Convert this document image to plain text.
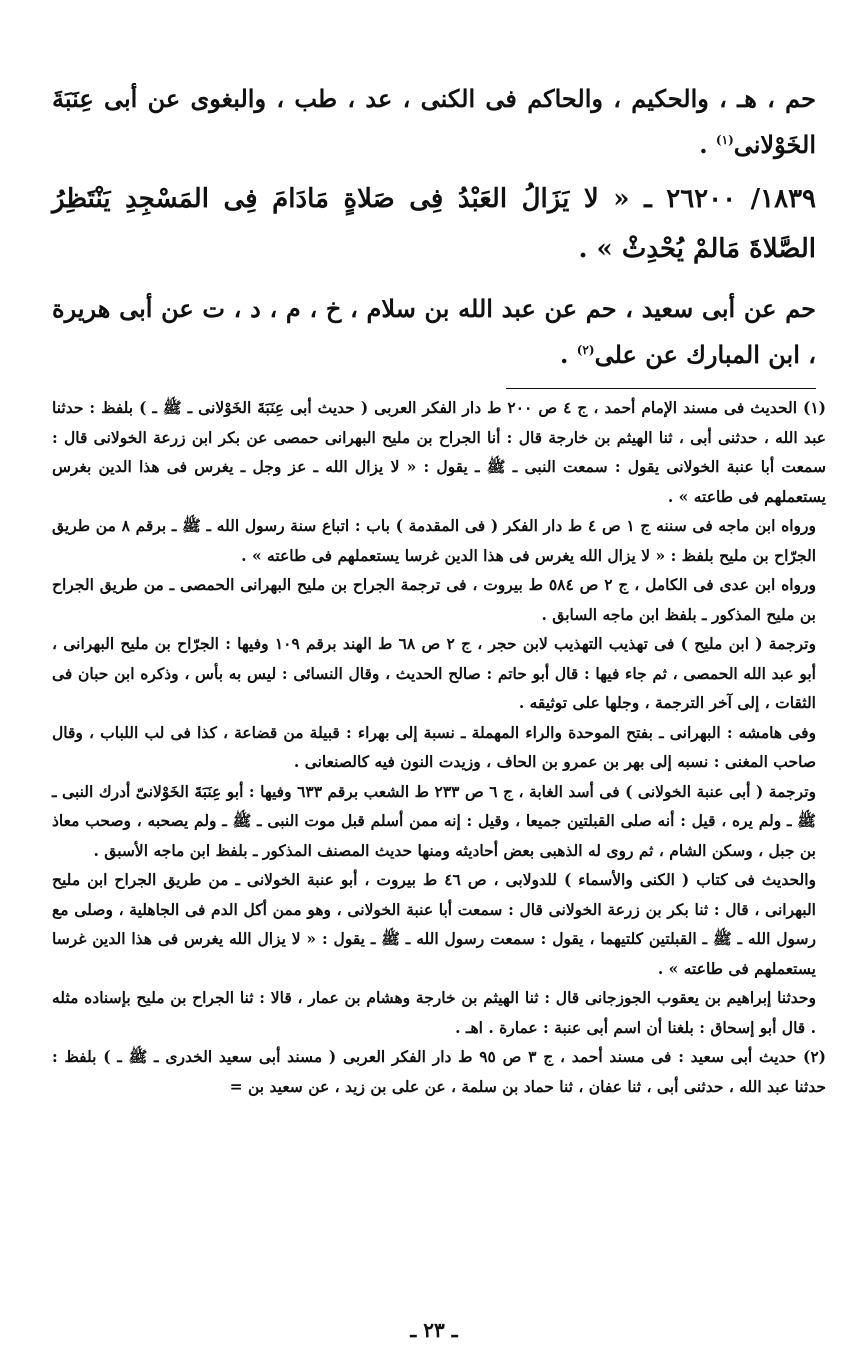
حم ، هـ ، والحكيم ، والحاكم فى الكنى ، عد ، طب ، والبغوى عن أبى عِنَبَةَ الخَوْلانى$^{(١)}$ .

١٨٣٩/ ٢٦٢٠٠ ـ « لا يَزَالُ العَبْدُ فِى صَلاةٍ مَادَامَ فِى المَسْجِدِ يَنْتَظِرُ الصَّلاةَ مَالمْ يُحْدِثْ » .

حم عن أبى سعيد ، حم عن عبد الله بن سلام ، خ ، م ، د ، ت عن أبى هريرة ، ابن المبارك عن على$^{(٢)}$ .

(١) الحديث فى مسند الإمام أحمد ، ج ٤ ص ٢٠٠ ط دار الفكر العربى ( حديث أبى عِنَبَةَ الخَوْلانى ـ ﷺ ـ ) بلفظ : حدثنا عبد الله ، حدثنى أبى ، ثنا الهيثم بن خارجة قال : أنا الجراح بن مليح البهرانى حمصى عن بكر ابن زرعة الخولانى قال : سمعت أبا عنبة الخولانى يقول : سمعت النبى ـ ﷺ ـ يقول : « لا يزال الله ـ عز وجل ـ يغرس فى هذا الدين بغرس يستعملهم فى طاعته » .

ورواه ابن ماجه فى سننه ج ١ ص ٤ ط دار الفكر ( فى المقدمة ) باب : اتباع سنة رسول الله ـ ﷺ ـ برقم ٨ من طريق الجرّاح بن مليح بلفظ : « لا يزال الله يغرس فى هذا الدين غرسا يستعملهم فى طاعته » .

ورواه ابن عدى فى الكامل ، ج ٢ ص ٥٨٤ ط بيروت ، فى ترجمة الجراح بن مليح البهرانى الحمصى ـ من طريق الجراح بن مليح المذكور ـ بلفظ ابن ماجه السابق .

وترجمة ( ابن مليح ) فى تهذيب التهذيب لابن حجر ، ج ٢ ص ٦٨ ط الهند برقم ١٠٩ وفيها : الجرّاح بن مليح البهرانى ، أبو عبد الله الحمصى ، ثم جاء فيها : قال أبو حاتم : صالح الحديث ، وقال النسائى : ليس به بأس ، وذكره ابن حبان فى الثقات ، إلى آخر الترجمة ، وجلها على توثيقه .

وفى هامشه : البهرانى ـ بفتح الموحدة والراء المهملة ـ نسبة إلى بهراء : قبيلة من قضاعة ، كذا فى لب اللباب ، وقال صاحب المغنى : نسبه إلى بهر بن عمرو بن الحاف ، وزيدت النون فيه كالصنعانى .

وترجمة ( أبى عنبة الخولانى ) فى أسد الغابة ، ج ٦ ص ٢٣٣ ط الشعب برقم ٦٣٣ وفيها : أبو عِنَبَةَ الخَوْلانىّ أدرك النبى ـ ﷺ ـ ولم يره ، قيل : أنه صلى القبلتين جميعا ، وقيل : إنه ممن أسلم قبل موت النبى ـ ﷺ ـ ولم يصحبه ، وصحب معاذ بن جبل ، وسكن الشام ، ثم روى له الذهبى بعض أحاديثه ومنها حديث المصنف المذكور ـ بلفظ ابن ماجه الأسبق .

والحديث فى كتاب ( الكنى والأسماء ) للدولابى ، ص ٤٦ ط بيروت ، أبو عنبة الخولانى ـ من طريق الجراح ابن مليح البهرانى ، قال : ثنا بكر بن زرعة الخولانى قال : سمعت أبا عنبة الخولانى ، وهو ممن أكل الدم فى الجاهلية ، وصلى مع رسول الله ـ ﷺ ـ القبلتين كلتيهما ، يقول : سمعت رسول الله ـ ﷺ ـ يقول : « لا يزال الله يغرس فى هذا الدين غرسا يستعملهم فى طاعته » .

وحدثنا إبراهيم بن يعقوب الجوزجانى قال : ثنا الهيثم بن خارجة وهشام بن عمار ، قالا : ثنا الجراح بن مليح بإسناده مثله . قال أبو إسحاق : بلغنا أن اسم أبى عنبة : عمارة . اهـ .

(٢) حديث أبى سعيد : فى مسند أحمد ، ج ٣ ص ٩٥ ط دار الفكر العربى ( مسند أبى سعيد الخدرى ـ ﷺ ـ ) بلفظ : حدثنا عبد الله ، حدثنى أبى ، ثنا عفان ، ثنا حماد بن سلمة ، عن على بن زيد ، عن سعيد بن =

ـ ٢٣ ـ
